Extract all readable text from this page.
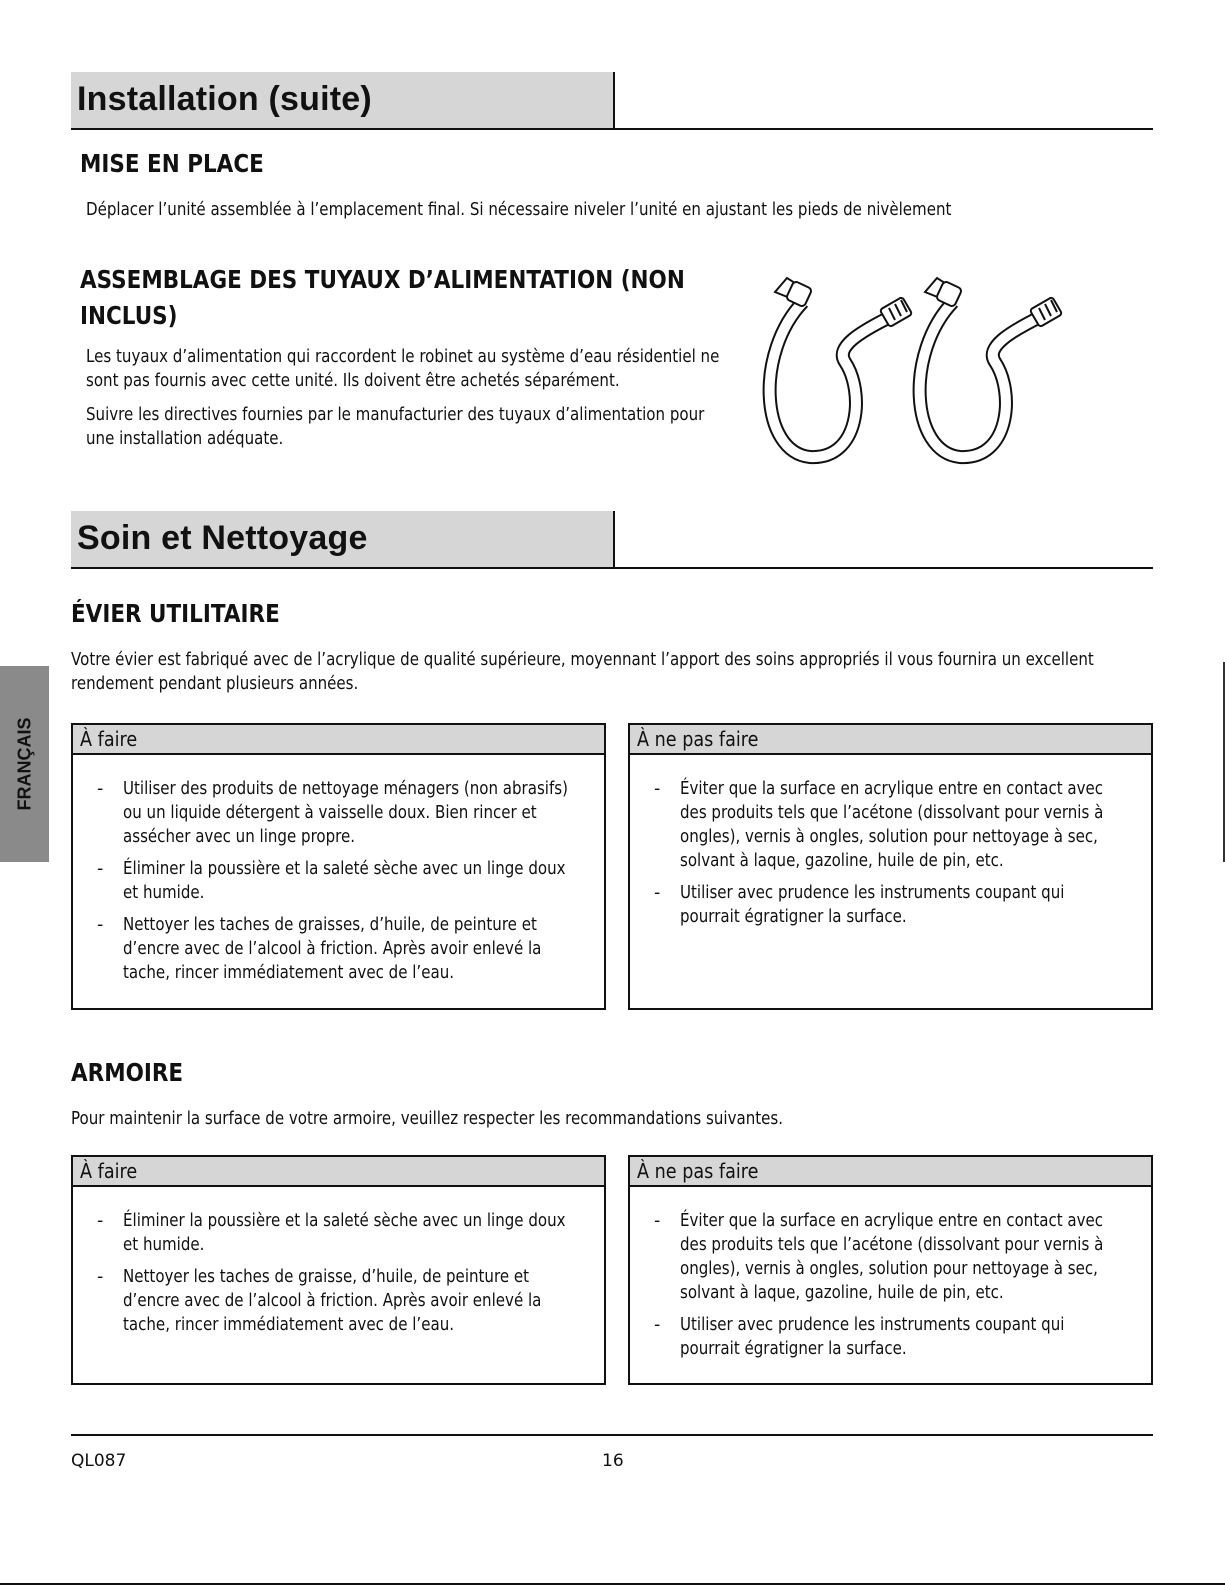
Installation (suite)
MISE EN PLACE
Déplacer l’unité assemblée à l’emplacement final. Si nécessaire niveler l’unité en ajustant les pieds de nivèlement
ASSEMBLAGE DES TUYAUX D’ALIMENTATION (NON
INCLUS)
Les tuyaux d’alimentation qui raccordent le robinet au système d’eau résidentiel ne
sont pas fournis avec cette unité. Ils doivent être achetés séparément.
Suivre les directives fournies par le manufacturier des tuyaux d’alimentation pour
une installation adéquate.
Soin et Nettoyage
ÉVIER UTILITAIRE
Votre évier est fabriqué avec de l’acrylique de qualité supérieure, moyennant l’apport des soins appropriés il vous fournira un excellent
rendement pendant plusieurs années.
À faire
- Utiliser des produits de nettoyage ménagers (non abrasifs)
ou un liquide détergent à vaisselle doux. Bien rincer et
assécher avec un linge propre.
- Éliminer la poussière et la saleté sèche avec un linge doux
et humide.
- Nettoyer les taches de graisses, d’huile, de peinture et
d’encre avec de l’alcool à friction. Après avoir enlevé la
tache, rincer immédiatement avec de l’eau.
À ne pas faire
- Éviter que la surface en acrylique entre en contact avec
des produits tels que l’acétone (dissolvant pour vernis à
ongles), vernis à ongles, solution pour nettoyage à sec,
solvant à laque, gazoline, huile de pin, etc.
- Utiliser avec prudence les instruments coupant qui
pourrait égratigner la surface.
ARMOIRE
Pour maintenir la surface de votre armoire, veuillez respecter les recommandations suivantes.
À faire
- Éliminer la poussière et la saleté sèche avec un linge doux
et humide.
- Nettoyer les taches de graisse, d’huile, de peinture et
d’encre avec de l’alcool à friction. Après avoir enlevé la
tache, rincer immédiatement avec de l’eau.
À ne pas faire
- Éviter que la surface en acrylique entre en contact avec
des produits tels que l’acétone (dissolvant pour vernis à
ongles), vernis à ongles, solution pour nettoyage à sec,
solvant à laque, gazoline, huile de pin, etc.
- Utiliser avec prudence les instruments coupant qui
pourrait égratigner la surface.
FRANÇAIS
QL087	16
